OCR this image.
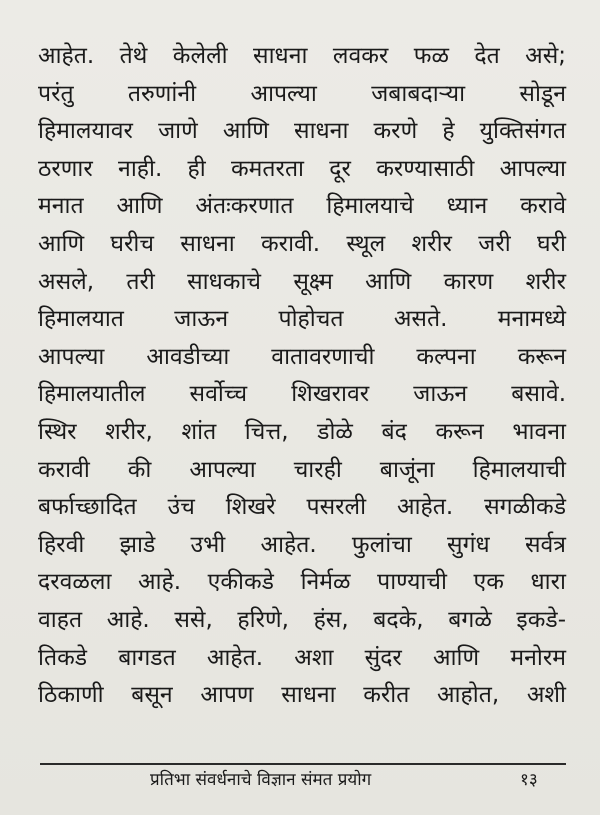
आहेत. तेथे केलेली साधना लवकर फळ देत असे;
परंतु तरुणांनी आपल्या जबाबदाऱ्या सोडून
हिमालयावर जाणे आणि साधना करणे हे युक्तिसंगत
ठरणार नाही. ही कमतरता दूर करण्यासाठी आपल्या
मनात आणि अंतःकरणात हिमालयाचे ध्यान करावे
आणि घरीच साधना करावी. स्थूल शरीर जरी घरी
असले, तरी साधकाचे सूक्ष्म आणि कारण शरीर
हिमालयात जाऊन पोहोचत असते. मनामध्ये
आपल्या आवडीच्या वातावरणाची कल्पना करून
हिमालयातील सर्वोच्च शिखरावर जाऊन बसावे.
स्थिर शरीर, शांत चित्त, डोळे बंद करून भावना
करावी की आपल्या चारही बाजूंना हिमालयाची
बर्फाच्छादित उंच शिखरे पसरली आहेत. सगळीकडे
हिरवी झाडे उभी आहेत. फुलांचा सुगंध सर्वत्र
दरवळला आहे. एकीकडे निर्मळ पाण्याची एक धारा
वाहत आहे. ससे, हरिणे, हंस, बदके, बगळे इकडे-
तिकडे बागडत आहेत. अशा सुंदर आणि मनोरम
ठिकाणी बसून आपण साधना करीत आहोत, अशी
प्रतिभा संवर्धनाचे विज्ञान संमत प्रयोग	१३
